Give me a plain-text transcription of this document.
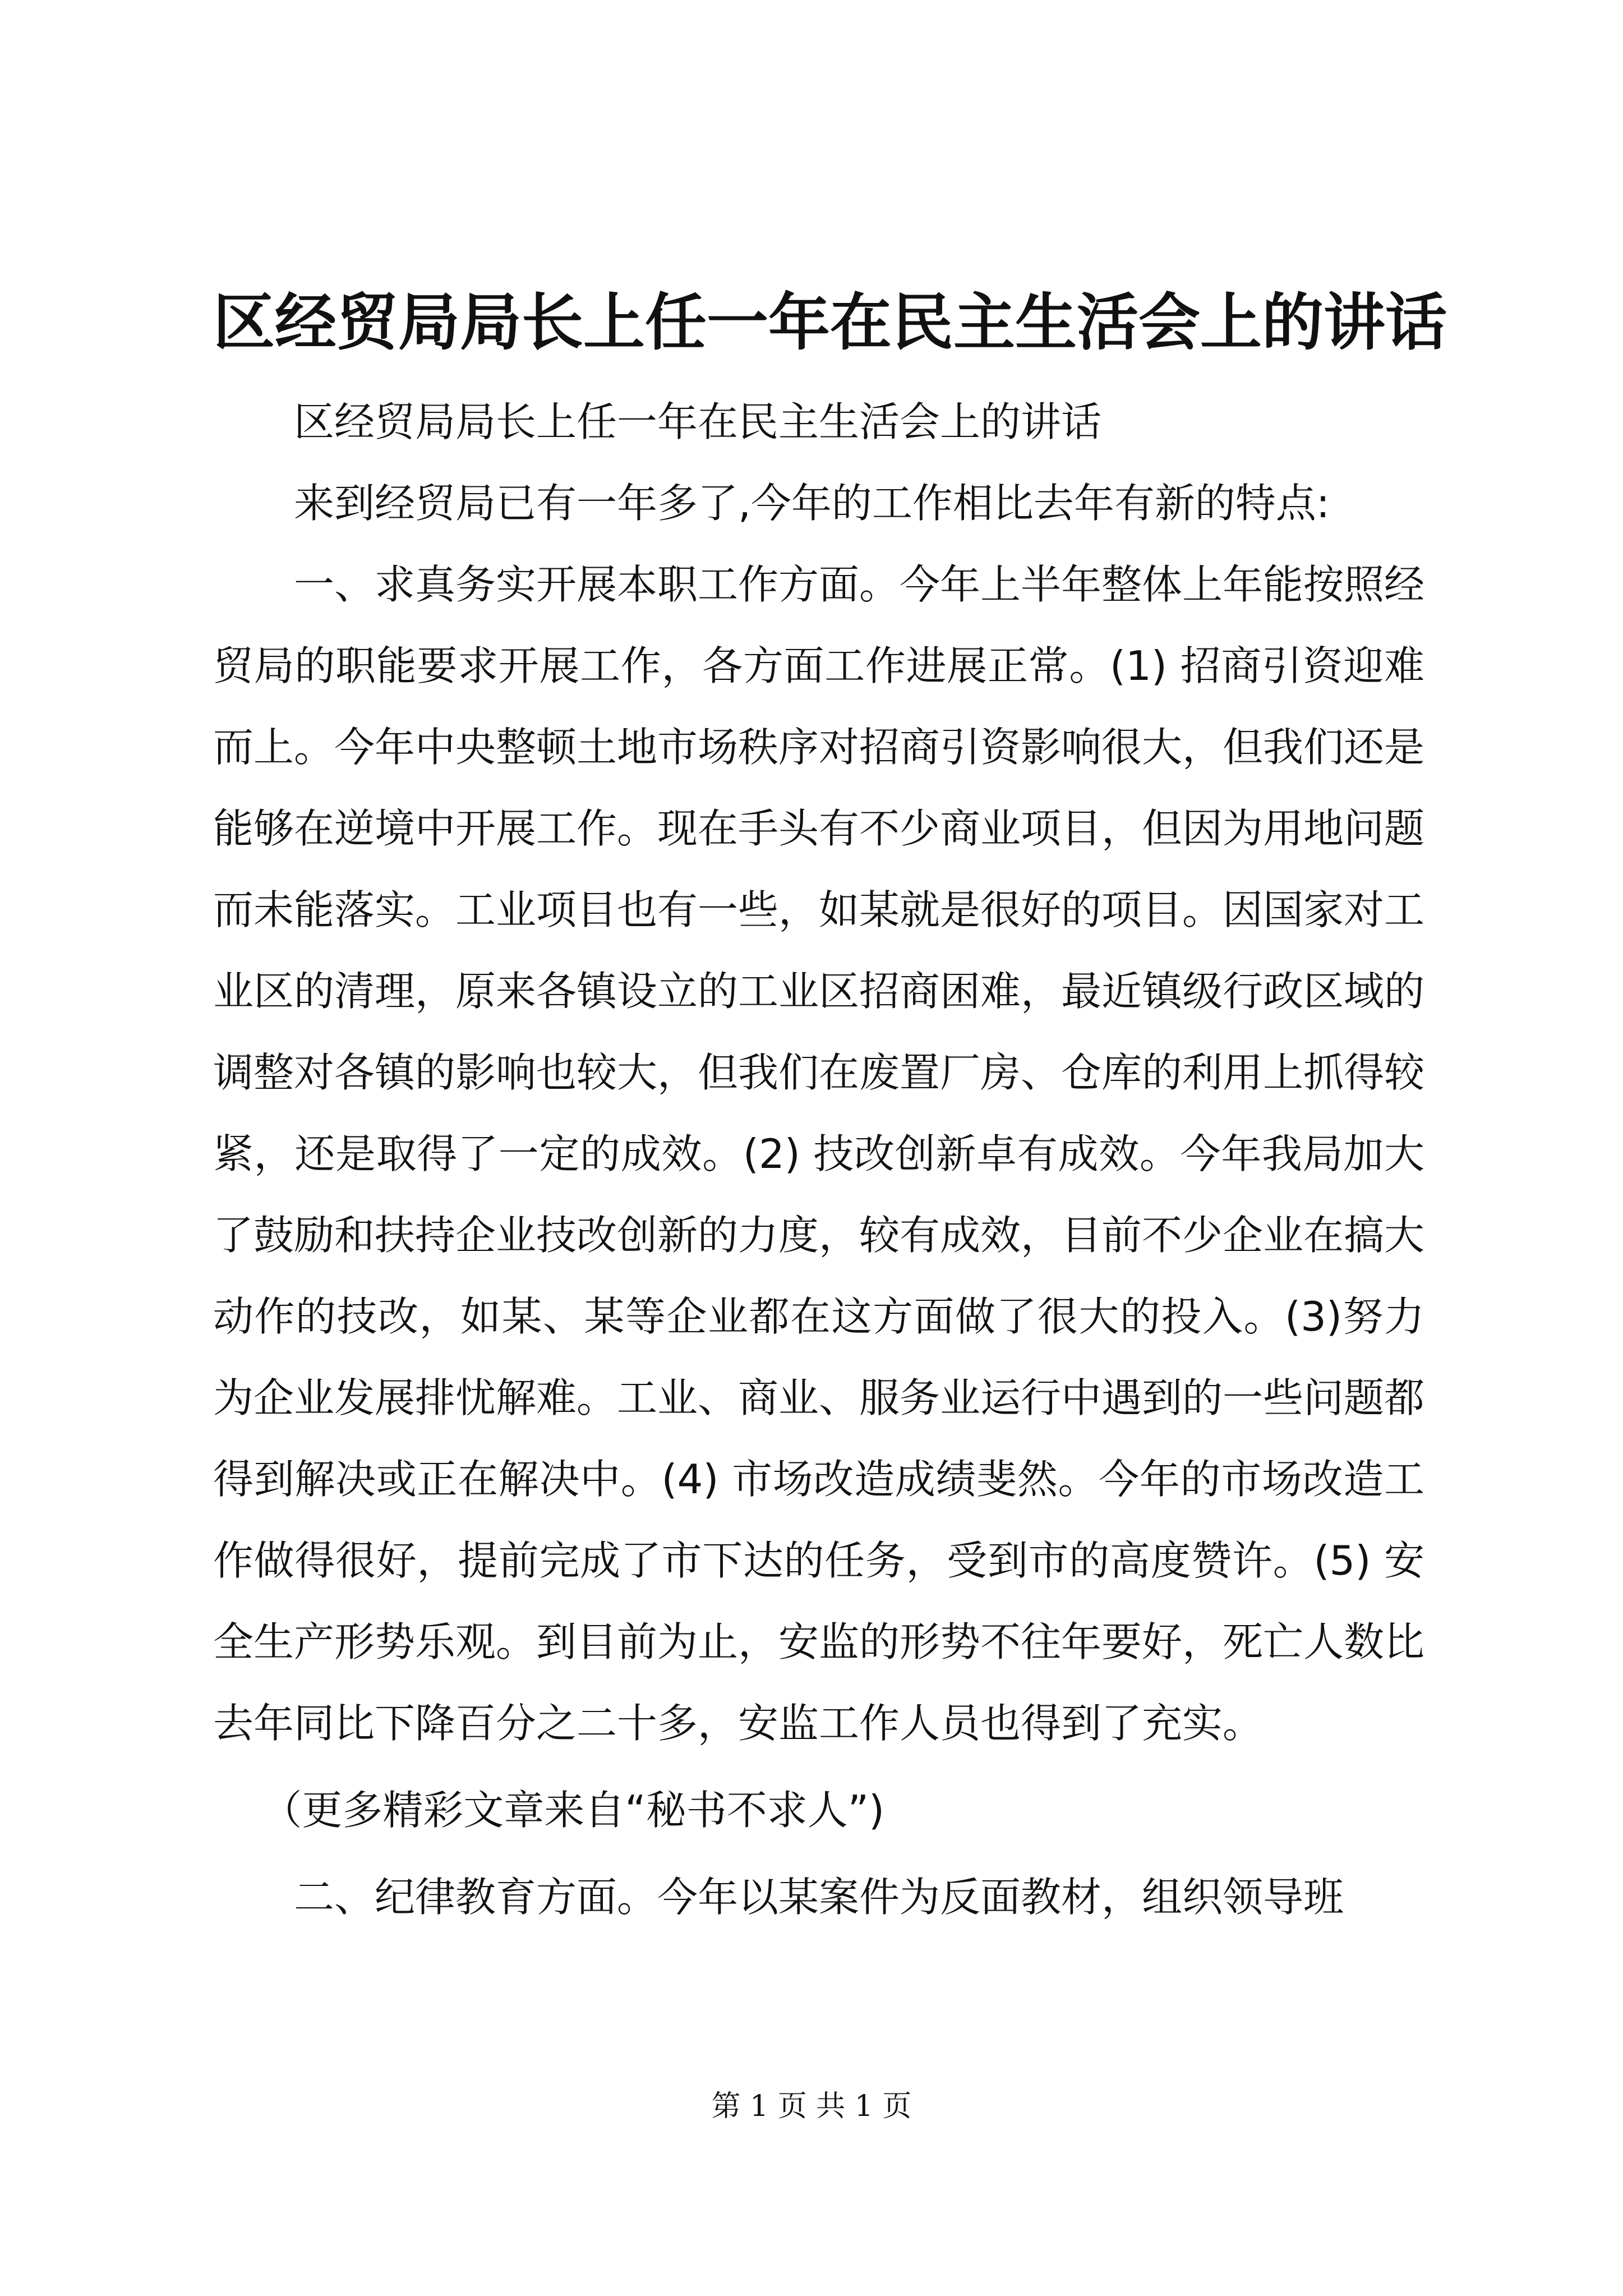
区经贸局局长上任一年在民主生活会上的讲话

区经贸局局长上任一年在民主生活会上的讲话

来到经贸局已有一年多了,今年的工作相比去年有新的特点:

一、求真务实开展本职工作方面。今年上半年整体上年能按照经贸局的职能要求开展工作，各方面工作进展正常。(1) 招商引资迎难而上。今年中央整顿土地市场秩序对招商引资影响很大，但我们还是能够在逆境中开展工作。现在手头有不少商业项目，但因为用地问题而未能落实。工业项目也有一些，如某就是很好的项目。因国家对工业区的清理，原来各镇设立的工业区招商困难，最近镇级行政区域的调整对各镇的影响也较大，但我们在废置厂房、仓库的利用上抓得较紧，还是取得了一定的成效。(2) 技改创新卓有成效。今年我局加大了鼓励和扶持企业技改创新的力度，较有成效，目前不少企业在搞大动作的技改，如某、某等企业都在这方面做了很大的投入。(3)努力为企业发展排忧解难。工业、商业、服务业运行中遇到的一些问题都得到解决或正在解决中。(4) 市场改造成绩斐然。今年的市场改造工作做得很好，提前完成了市下达的任务，受到市的高度赞许。(5) 安全生产形势乐观。到目前为止，安监的形势不往年要好，死亡人数比去年同比下降百分之二十多，安监工作人员也得到了充实。

（更多精彩文章来自“秘书不求人”)

二、纪律教育方面。今年以某案件为反面教材，组织领导班

第 1 页 共 1 页
